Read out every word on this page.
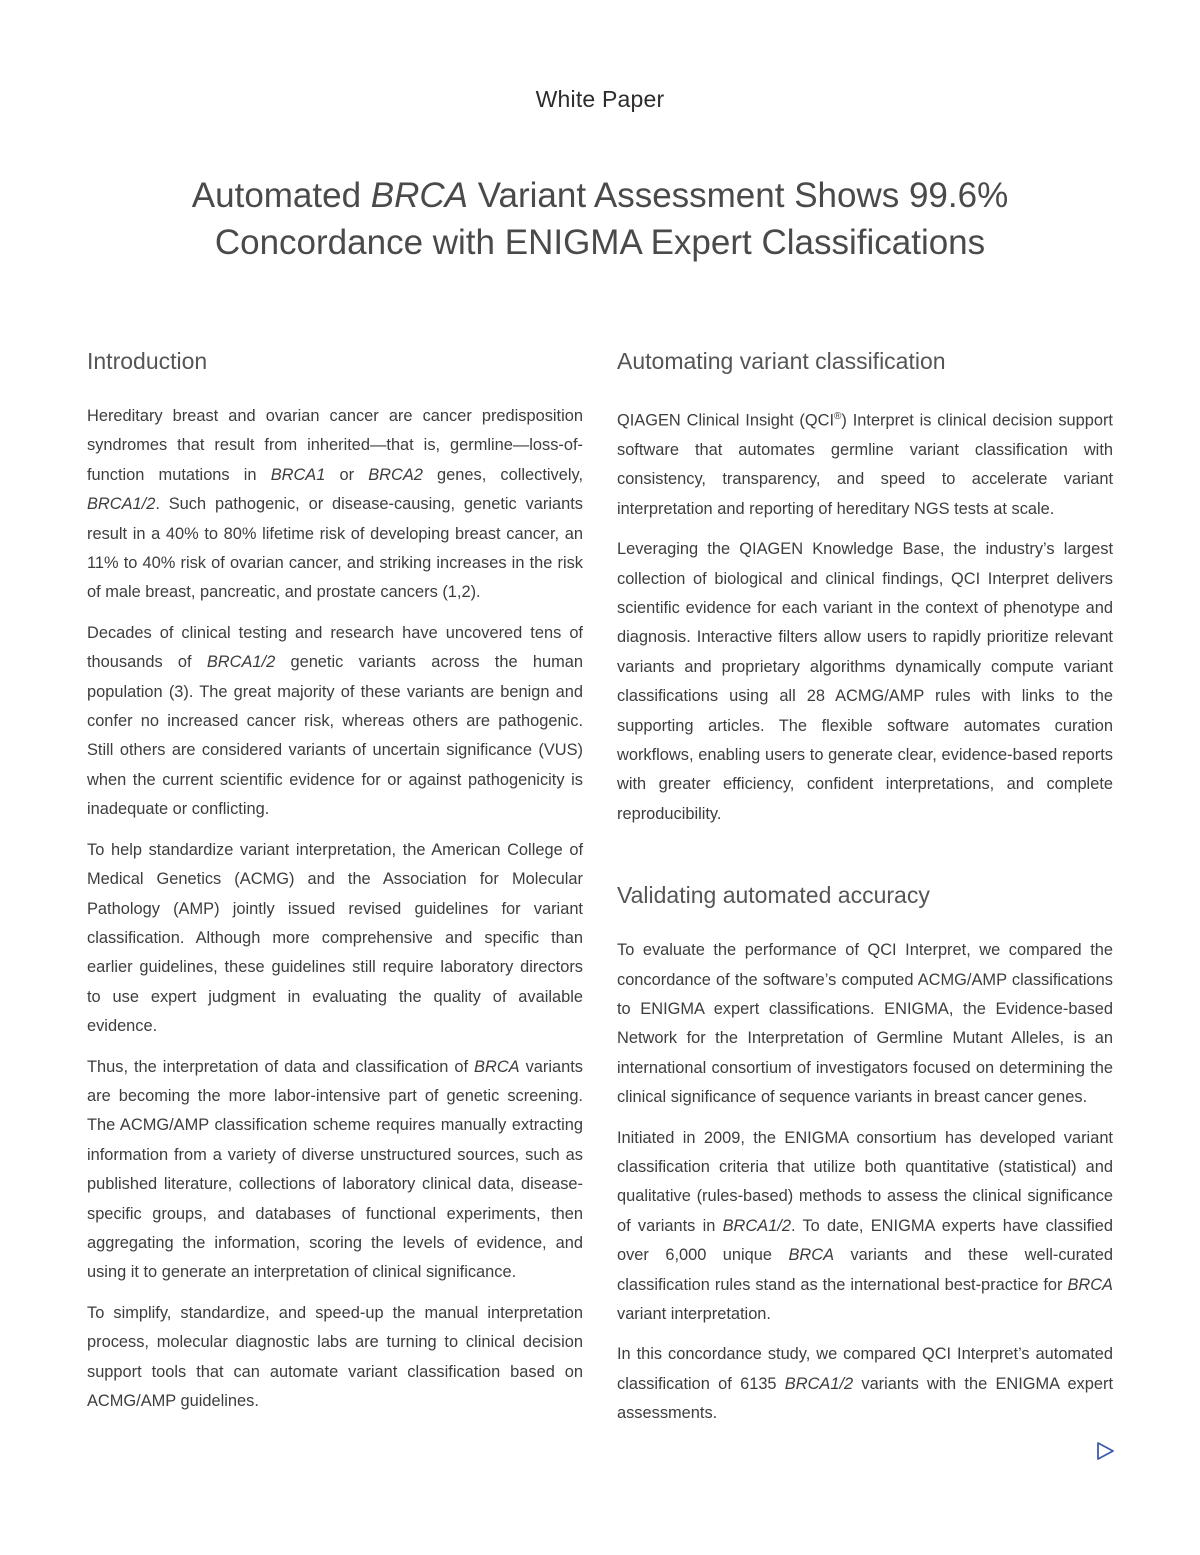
White Paper
Automated BRCA Variant Assessment Shows 99.6%
Concordance with ENIGMA Expert Classifications
Introduction

Hereditary breast and ovarian cancer are cancer predisposition syndromes that result from inherited—that is, germline—loss-of-function mutations in BRCA1 or BRCA2 genes, collectively, BRCA1/2. Such pathogenic, or disease-causing, genetic variants result in a 40% to 80% lifetime risk of developing breast cancer, an 11% to 40% risk of ovarian cancer, and striking increases in the risk of male breast, pancreatic, and prostate cancers (1,2).

Decades of clinical testing and research have uncovered tens of thousands of BRCA1/2 genetic variants across the human population (3). The great majority of these variants are benign and confer no increased cancer risk, whereas others are pathogenic. Still others are considered variants of uncertain significance (VUS) when the current scientific evidence for or against pathogenicity is inadequate or conflicting.

To help standardize variant interpretation, the American College of Medical Genetics (ACMG) and the Association for Molecular Pathology (AMP) jointly issued revised guidelines for variant classification. Although more comprehensive and specific than earlier guidelines, these guidelines still require laboratory directors to use expert judgment in evaluating the quality of available evidence.

Thus, the interpretation of data and classification of BRCA variants are becoming the more labor-intensive part of genetic screening. The ACMG/AMP classification scheme requires manually extracting information from a variety of diverse unstructured sources, such as published literature, collections of laboratory clinical data, disease-specific groups, and databases of functional experiments, then aggregating the information, scoring the levels of evidence, and using it to generate an interpretation of clinical significance.

To simplify, standardize, and speed-up the manual interpretation process, molecular diagnostic labs are turning to clinical decision support tools that can automate variant classification based on ACMG/AMP guidelines.

Automating variant classification

QIAGEN Clinical Insight (QCI®) Interpret is clinical decision support software that automates germline variant classification with consistency, transparency, and speed to accelerate variant interpretation and reporting of hereditary NGS tests at scale.

Leveraging the QIAGEN Knowledge Base, the industry’s largest collection of biological and clinical findings, QCI Interpret delivers scientific evidence for each variant in the context of phenotype and diagnosis. Interactive filters allow users to rapidly prioritize relevant variants and proprietary algorithms dynamically compute variant classifications using all 28 ACMG/AMP rules with links to the supporting articles. The flexible software automates curation workflows, enabling users to generate clear, evidence-based reports with greater efficiency, confident interpretations, and complete reproducibility.

Validating automated accuracy

To evaluate the performance of QCI Interpret, we compared the concordance of the software’s computed ACMG/AMP classifications to ENIGMA expert classifications. ENIGMA, the Evidence-based Network for the Interpretation of Germline Mutant Alleles, is an international consortium of investigators focused on determining the clinical significance of sequence variants in breast cancer genes.

Initiated in 2009, the ENIGMA consortium has developed variant classification criteria that utilize both quantitative (statistical) and qualitative (rules-based) methods to assess the clinical significance of variants in BRCA1/2. To date, ENIGMA experts have classified over 6,000 unique BRCA variants and these well-curated classification rules stand as the international best-practice for BRCA variant interpretation.

In this concordance study, we compared QCI Interpret’s automated classification of 6135 BRCA1/2 variants with the ENIGMA expert assessments.
